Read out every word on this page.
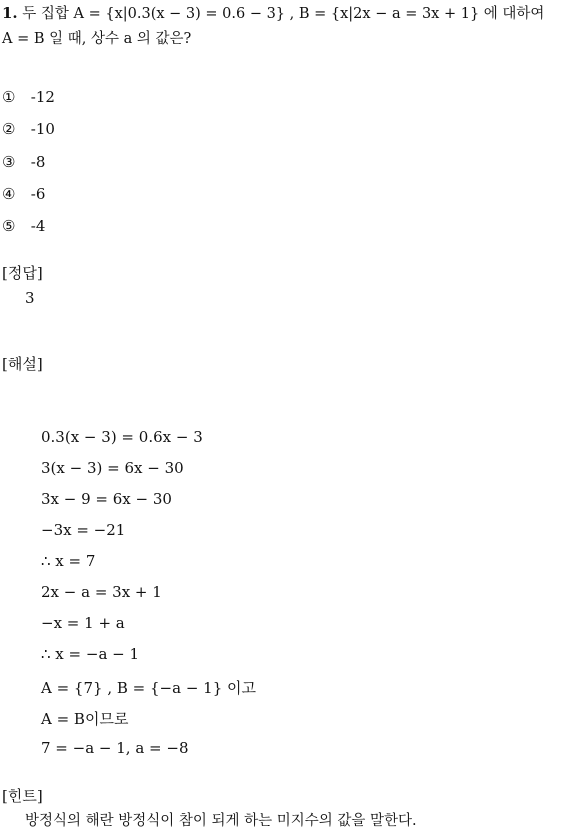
1. 두 집합 A = {x|0.3(x − 3) = 0.6 − 3} , B = {x|2x − a = 3x + 1} 에 대하여
A = B 일 때, 상수 a 의 값은?
① -12
② -10
③ -8
④ -6
⑤ -4
[정답]
3
[해설]
0.3(x − 3) = 0.6x − 3
3(x − 3) = 6x − 30
3x − 9 = 6x − 30
−3x = −21
∴ x = 7
2x − a = 3x + 1
−x = 1 + a
∴ x = −a − 1
A = {7} , B = {−a − 1} 이고
A = B이므로
7 = −a − 1, a = −8
[힌트]
방정식의 해란 방정식이 참이 되게 하는 미지수의 값을 말한다.
